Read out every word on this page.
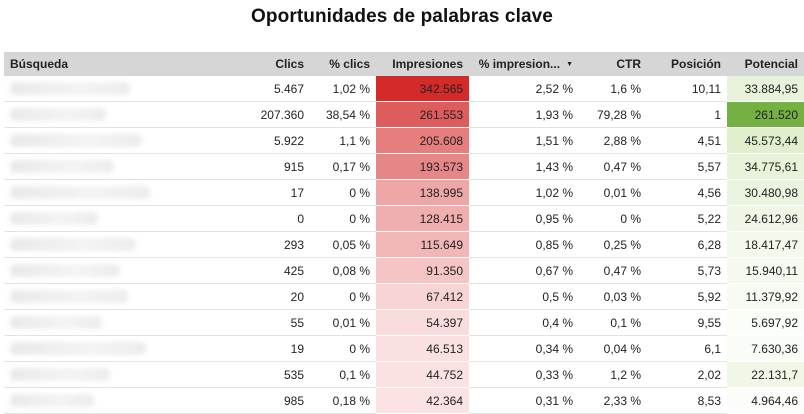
Oportunidades de palabras clave
Búsqueda	Clics	% clics	Impresiones	% impresion... ▼	CTR	Posición	Potencial

	5.467	1,02 %	342.565	2,52 %	1,6 %	10,11	33.884,95

	207.360	38,54 %	261.553	1,93 %	79,28 %	1	261.520

	5.922	1,1 %	205.608	1,51 %	2,88 %	4,51	45.573,44

	915	0,17 %	193.573	1,43 %	0,47 %	5,57	34.775,61

	17	0 %	138.995	1,02 %	0,01 %	4,56	30.480,98

	0	0 %	128.415	0,95 %	0 %	5,22	24.612,96

	293	0,05 %	115.649	0,85 %	0,25 %	6,28	18.417,47

	425	0,08 %	91.350	0,67 %	0,47 %	5,73	15.940,11

	20	0 %	67.412	0,5 %	0,03 %	5,92	11.379,92

	55	0,01 %	54.397	0,4 %	0,1 %	9,55	5.697,92

	19	0 %	46.513	0,34 %	0,04 %	6,1	7.630,36

	535	0,1 %	44.752	0,33 %	1,2 %	2,02	22.131,7

	985	0,18 %	42.364	0,31 %	2,33 %	8,53	4.964,46
